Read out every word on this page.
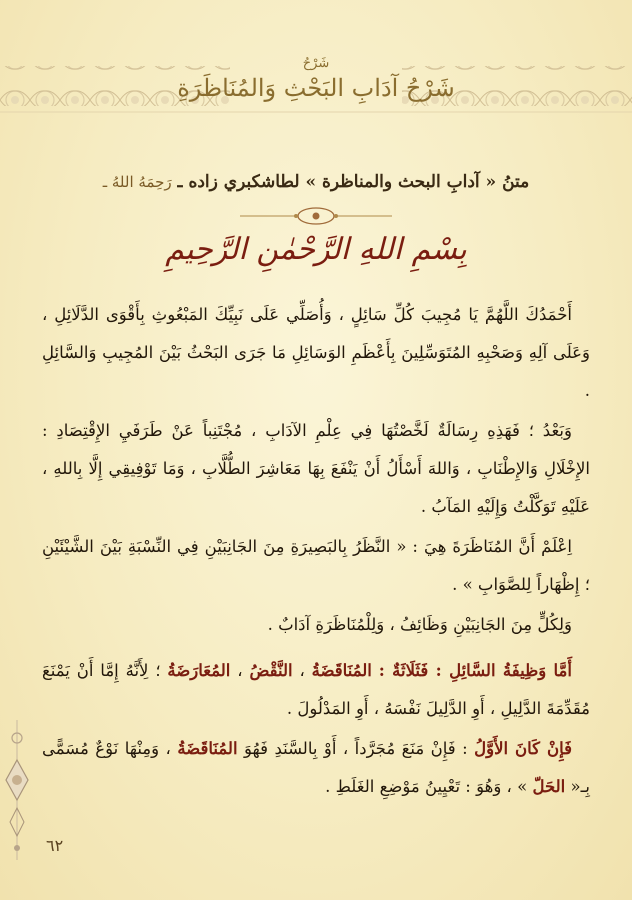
شَرْحُ
شَرْحُ آدَابِ البَحْثِ وَالمُنَاظَرَةِ
متنُ « آدابِ البحث والمناظرة » لطاشكبري زاده ـ رَحِمَهُ اللهُ ـ
بِسْمِ اللهِ الرَّحْمٰنِ الرَّحِيمِ

أَحْمَدُكَ اللَّهُمَّ يَا مُجِيبَ كُلِّ سَائِلٍ ، وَأُصَلِّي عَلَى نَبِيِّكَ المَبْعُوثِ بِأَقْوَى الدَّلَائِلِ ، وَعَلَى آلِهِ وَصَحْبِهِ المُتَوَسِّلِينَ بِأَعْظَمِ الوَسَائِلِ مَا جَرَى البَحْثُ بَيْنَ المُجِيبِ وَالسَّائِلِ .

وَبَعْدُ ؛ فَهَذِهِ رِسَالَةٌ لَخَّصْتُهَا فِي عِلْمِ الآدَابِ ، مُجْتَنِباً عَنْ طَرَفَيِ الإِقْتِصَادِ : الإِخْلَالِ وَالإِطْنَابِ ، وَاللهَ أَسْأَلُ أَنْ يَنْفَعَ بِهَا مَعَاشِرَ الطُّلَّابِ ، وَمَا تَوْفِيقِي إِلَّا بِاللهِ ، عَلَيْهِ تَوَكَّلْتُ وَإِلَيْهِ المَآبُ .

اِعْلَمْ أَنَّ المُنَاظَرَةَ هِيَ : « النَّظَرُ بِالبَصِيرَةِ مِنَ الجَانِبَيْنِ فِي النِّسْبَةِ بَيْنَ الشَّيْئَيْنِ ؛ إِظْهَاراً لِلصَّوَابِ » .

وَلِكُلٍّ مِنَ الجَانِبَيْنِ وَظَائِفُ ، وَلِلْمُنَاظَرَةِ آدَابٌ .

أَمَّا وَظِيفَةُ السَّائِلِ : فَثَلَاثَةٌ : المُنَاقَضَةُ ، النَّقْضُ ، المُعَارَضَةُ ؛ لِأَنَّهُ إِمَّا أَنْ يَمْنَعَ مُقَدِّمَةَ الدَّلِيلِ ، أَوِ الدَّلِيلَ نَفْسَهُ ، أَوِ المَدْلُولَ .

فَإِنْ كَانَ الأَوَّلُ : فَإِنْ مَنَعَ مُجَرَّداً ، أَوْ بِالسَّنَدِ فَهُوَ المُنَاقَضَةُ ، وَمِنْهَا نَوْعٌ مُسَمًّى بِـ« الحَلّ » ، وَهُوَ : تَعْيِينُ مَوْضِعِ الغَلَطِ .

٦٢
